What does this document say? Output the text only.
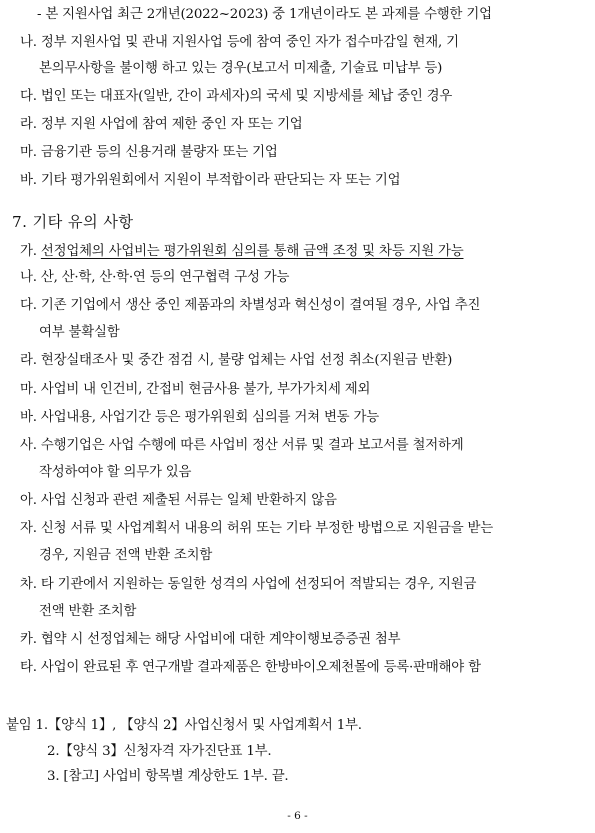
- 본 지원사업 최근 2개년(2022~2023) 중 1개년이라도 본 과제를 수행한 기업
나. 정부 지원사업 및 관내 지원사업 등에 참여 중인 자가 접수마감일 현재, 기
본의무사항을 불이행 하고 있는 경우(보고서 미제출, 기술료 미납부 등)
다. 법인 또는 대표자(일반, 간이 과세자)의 국세 및 지방세를 체납 중인 경우
라. 정부 지원 사업에 참여 제한 중인 자 또는 기업
마. 금융기관 등의 신용거래 불량자 또는 기업
바. 기타 평가위원회에서 지원이 부적합이라 판단되는 자 또는 기업
7. 기타 유의 사항
가. 선정업체의 사업비는 평가위원회 심의를 통해 금액 조정 및 차등 지원 가능
나. 산, 산·학, 산·학·연 등의 연구협력 구성 가능
다. 기존 기업에서 생산 중인 제품과의 차별성과 혁신성이 결여될 경우, 사업 추진
여부 불확실함
라. 현장실태조사 및 중간 점검 시, 불량 업체는 사업 선정 취소(지원금 반환)
마. 사업비 내 인건비, 간접비 현금사용 불가, 부가가치세 제외
바. 사업내용, 사업기간 등은 평가위원회 심의를 거쳐 변동 가능
사. 수행기업은 사업 수행에 따른 사업비 정산 서류 및 결과 보고서를 철저하게
작성하여야 할 의무가 있음
아. 사업 신청과 관련 제출된 서류는 일체 반환하지 않음
자. 신청 서류 및 사업계획서 내용의 허위 또는 기타 부정한 방법으로 지원금을 받는
경우, 지원금 전액 반환 조치함
차. 타 기관에서 지원하는 동일한 성격의 사업에 선정되어 적발되는 경우, 지원금
전액 반환 조치함
카. 협약 시 선정업체는 해당 사업비에 대한 계약이행보증증권 첨부
타. 사업이 완료된 후 연구개발 결과제품은 한방바이오제천몰에 등록·판매해야 함
붙임 1.【양식 1】, 【양식 2】사업신청서 및 사업계획서 1부.
2.【양식 3】신청자격 자가진단표 1부.
3. [참고] 사업비 항목별 계상한도 1부. 끝.
- 6 -
